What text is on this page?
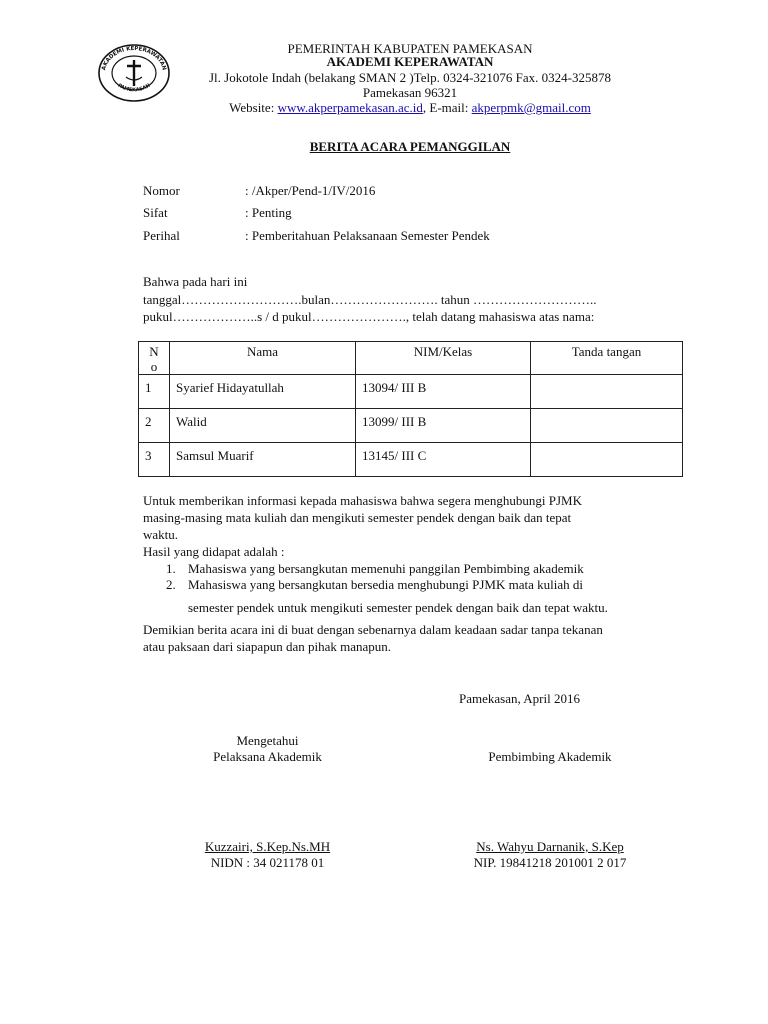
AKADEMI KEPERAWATAN
PAMEKASAN
PEMERINTAH KABUPATEN PAMEKASAN
AKADEMI KEPERAWATAN
Jl. Jokotole Indah (belakang SMAN 2 )Telp. 0324-321076 Fax. 0324-325878
Pamekasan 96321
Website: www.akperpamekasan.ac.id, E-mail: akperpmk@gmail.com
BERITA ACARA PEMANGGILAN
Nomor	: /Akper/Pend-1/IV/2016
Sifat	: Penting
Perihal	: Pemberitahuan Pelaksanaan Semester Pendek
Bahwa pada hari ini
tanggal……………………….bulan……………………. tahun ………………………..
pukul………………..s / d pukul…………………., telah datang mahasiswa atas nama:
N
o	Nama	NIM/Kelas	Tanda tangan
1	Syarief Hidayatullah	13094/ III B	
2	Walid	13099/ III B	
3	Samsul Muarif	13145/ III C	
Untuk memberikan informasi kepada mahasiswa bahwa segera menghubungi PJMK
masing-masing mata kuliah dan mengikuti semester pendek dengan baik dan tepat
waktu.
Hasil yang didapat adalah :
1. Mahasiswa yang bersangkutan memenuhi panggilan Pembimbing akademik
2. Mahasiswa yang bersangkutan bersedia menghubungi PJMK mata kuliah di
semester pendek untuk mengikuti semester pendek dengan baik dan tepat waktu.
Demikian berita acara ini di buat dengan sebenarnya dalam keadaan sadar tanpa tekanan
atau paksaan dari siapapun dan pihak manapun.
Pamekasan, April 2016
Mengetahui
Pelaksana Akademik	Pembimbing Akademik
Kuzzairi, S.Kep.Ns.MH
NIDN : 34 021178 01
Ns. Wahyu Darnanik, S.Kep
NIP. 19841218 201001 2 017
